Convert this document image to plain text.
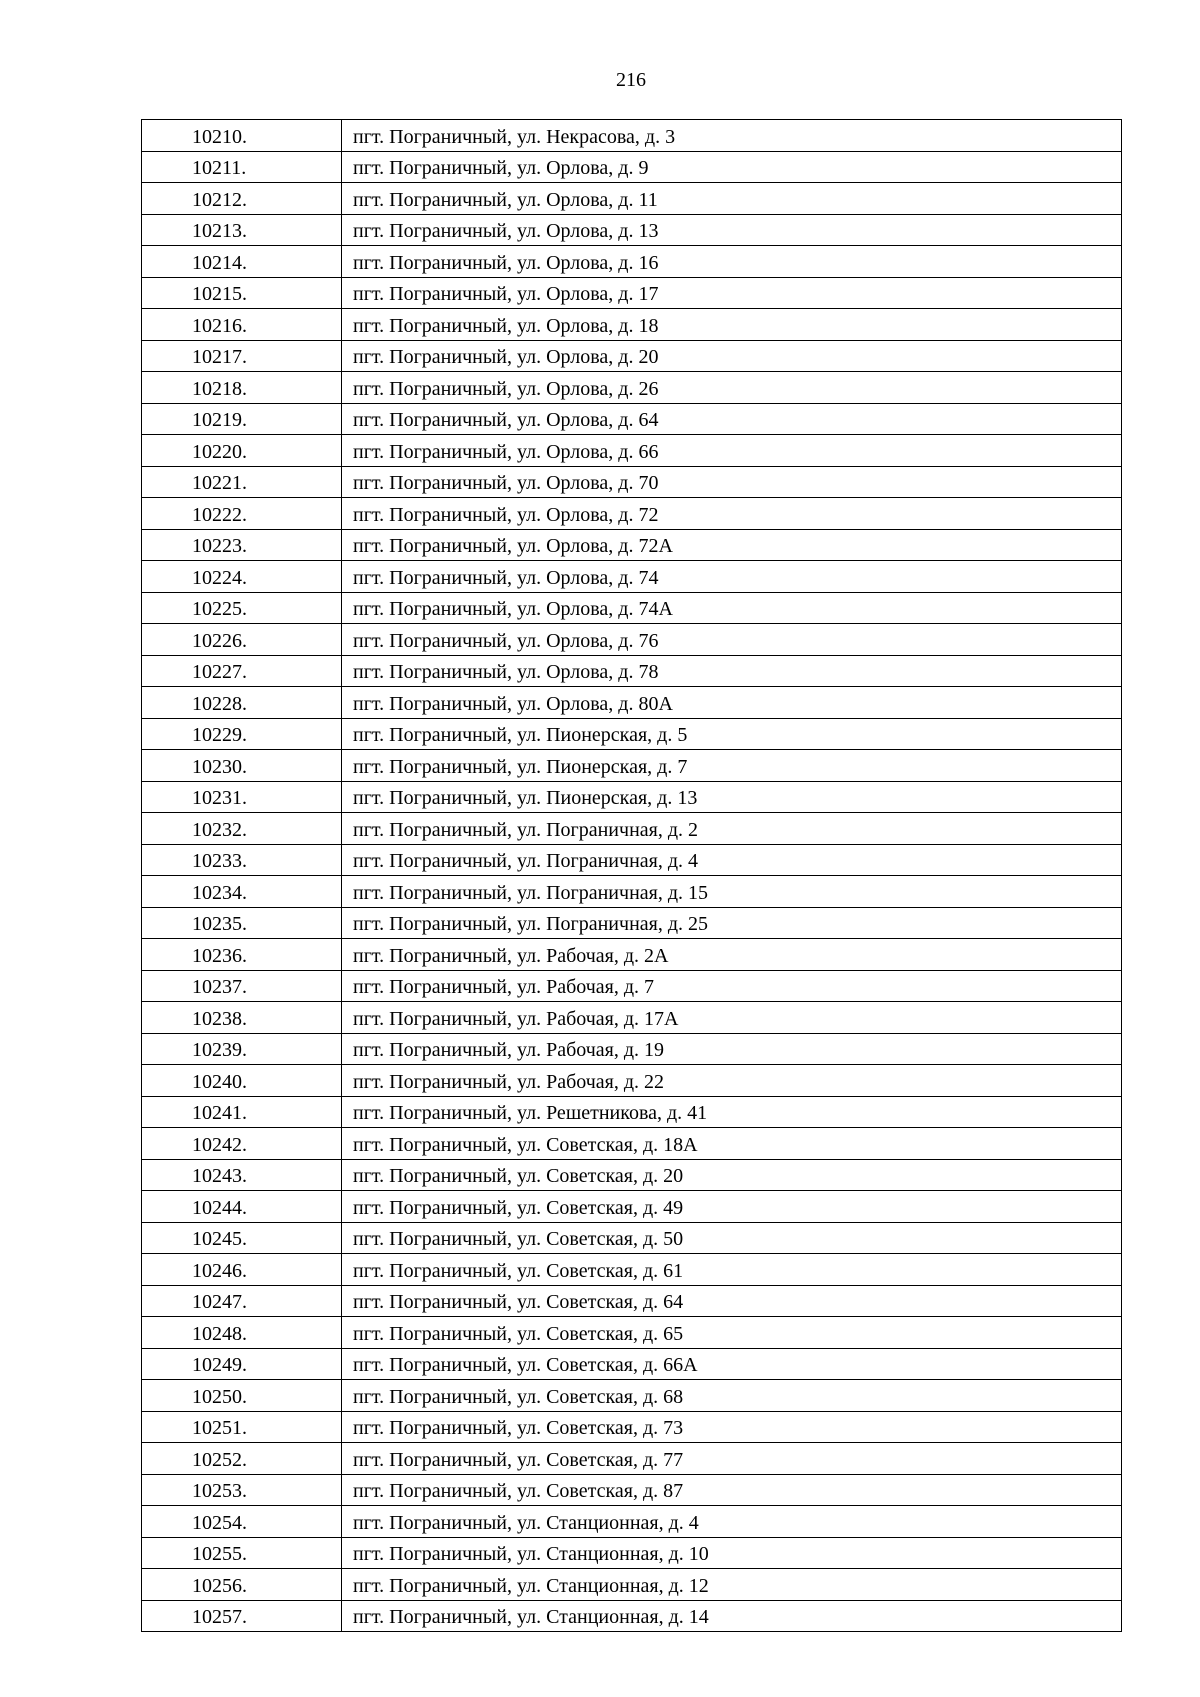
216
10210.	пгт. Пограничный, ул. Некрасова, д. 3
10211.	пгт. Пограничный, ул. Орлова, д. 9
10212.	пгт. Пограничный, ул. Орлова, д. 11
10213.	пгт. Пограничный, ул. Орлова, д. 13
10214.	пгт. Пограничный, ул. Орлова, д. 16
10215.	пгт. Пограничный, ул. Орлова, д. 17
10216.	пгт. Пограничный, ул. Орлова, д. 18
10217.	пгт. Пограничный, ул. Орлова, д. 20
10218.	пгт. Пограничный, ул. Орлова, д. 26
10219.	пгт. Пограничный, ул. Орлова, д. 64
10220.	пгт. Пограничный, ул. Орлова, д. 66
10221.	пгт. Пограничный, ул. Орлова, д. 70
10222.	пгт. Пограничный, ул. Орлова, д. 72
10223.	пгт. Пограничный, ул. Орлова, д. 72А
10224.	пгт. Пограничный, ул. Орлова, д. 74
10225.	пгт. Пограничный, ул. Орлова, д. 74А
10226.	пгт. Пограничный, ул. Орлова, д. 76
10227.	пгт. Пограничный, ул. Орлова, д. 78
10228.	пгт. Пограничный, ул. Орлова, д. 80А
10229.	пгт. Пограничный, ул. Пионерская, д. 5
10230.	пгт. Пограничный, ул. Пионерская, д. 7
10231.	пгт. Пограничный, ул. Пионерская, д. 13
10232.	пгт. Пограничный, ул. Пограничная, д. 2
10233.	пгт. Пограничный, ул. Пограничная, д. 4
10234.	пгт. Пограничный, ул. Пограничная, д. 15
10235.	пгт. Пограничный, ул. Пограничная, д. 25
10236.	пгт. Пограничный, ул. Рабочая, д. 2А
10237.	пгт. Пограничный, ул. Рабочая, д. 7
10238.	пгт. Пограничный, ул. Рабочая, д. 17А
10239.	пгт. Пограничный, ул. Рабочая, д. 19
10240.	пгт. Пограничный, ул. Рабочая, д. 22
10241.	пгт. Пограничный, ул. Решетникова, д. 41
10242.	пгт. Пограничный, ул. Советская, д. 18А
10243.	пгт. Пограничный, ул. Советская, д. 20
10244.	пгт. Пограничный, ул. Советская, д. 49
10245.	пгт. Пограничный, ул. Советская, д. 50
10246.	пгт. Пограничный, ул. Советская, д. 61
10247.	пгт. Пограничный, ул. Советская, д. 64
10248.	пгт. Пограничный, ул. Советская, д. 65
10249.	пгт. Пограничный, ул. Советская, д. 66А
10250.	пгт. Пограничный, ул. Советская, д. 68
10251.	пгт. Пограничный, ул. Советская, д. 73
10252.	пгт. Пограничный, ул. Советская, д. 77
10253.	пгт. Пограничный, ул. Советская, д. 87
10254.	пгт. Пограничный, ул. Станционная, д. 4
10255.	пгт. Пограничный, ул. Станционная, д. 10
10256.	пгт. Пограничный, ул. Станционная, д. 12
10257.	пгт. Пограничный, ул. Станционная, д. 14
